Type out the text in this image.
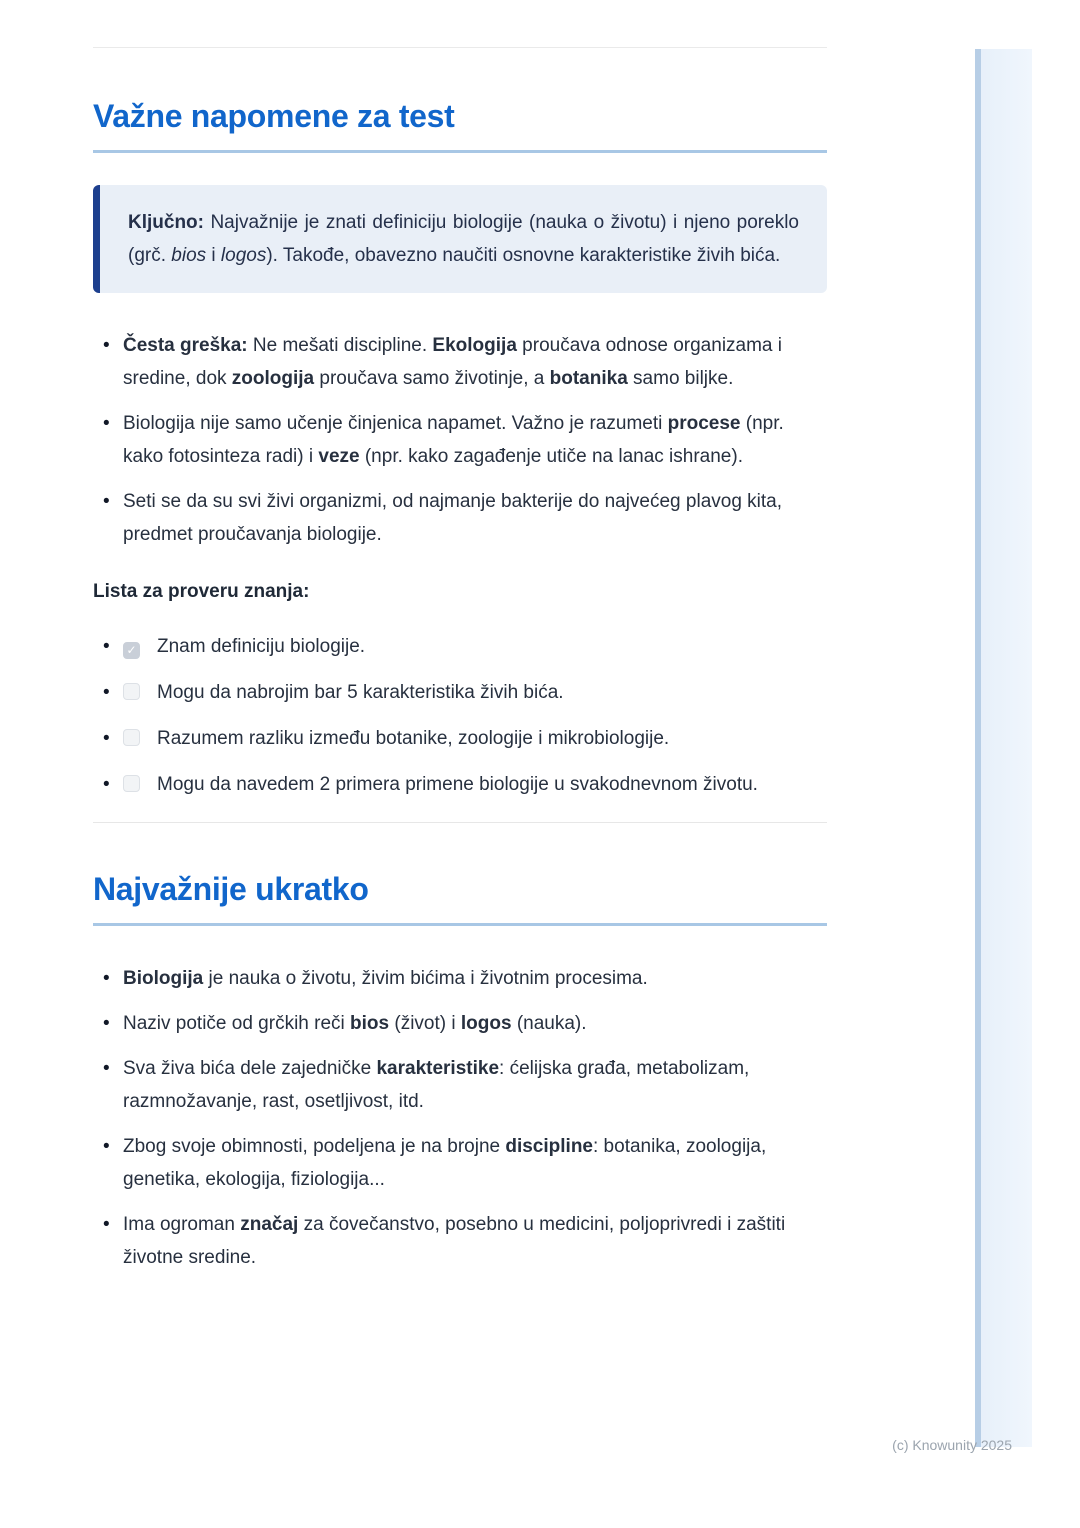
Važne napomene za test
Ključno: Najvažnije je znati definiciju biologije (nauka o životu) i njeno poreklo (grč. bios i logos). Takođe, obavezno naučiti osnovne karakteristike živih bića.
• Česta greška: Ne mešati discipline. Ekologija proučava odnose organizama i sredine, dok zoologija proučava samo životinje, a botanika samo biljke.
• Biologija nije samo učenje činjenica napamet. Važno je razumeti procese (npr. kako fotosinteza radi) i veze (npr. kako zagađenje utiče na lanac ishrane).
• Seti se da su svi živi organizmi, od najmanje bakterije do najvećeg plavog kita, predmet proučavanja biologije.

Lista za proveru znanja:

• ✓ Znam definiciju biologije.
• Mogu da nabrojim bar 5 karakteristika živih bića.
• Razumem razliku između botanike, zoologije i mikrobiologije.
• Mogu da navedem 2 primera primene biologije u svakodnevnom životu.
Najvažnije ukratko
• Biologija je nauka o životu, živim bićima i životnim procesima.
• Naziv potiče od grčkih reči bios (život) i logos (nauka).
• Sva živa bića dele zajedničke karakteristike: ćelijska građa, metabolizam, razmnožavanje, rast, osetljivost, itd.
• Zbog svoje obimnosti, podeljena je na brojne discipline: botanika, zoologija, genetika, ekologija, fiziologija...
• Ima ogroman značaj za čovečanstvo, posebno u medicini, poljoprivredi i zaštiti životne sredine.
(c) Knowunity 2025
